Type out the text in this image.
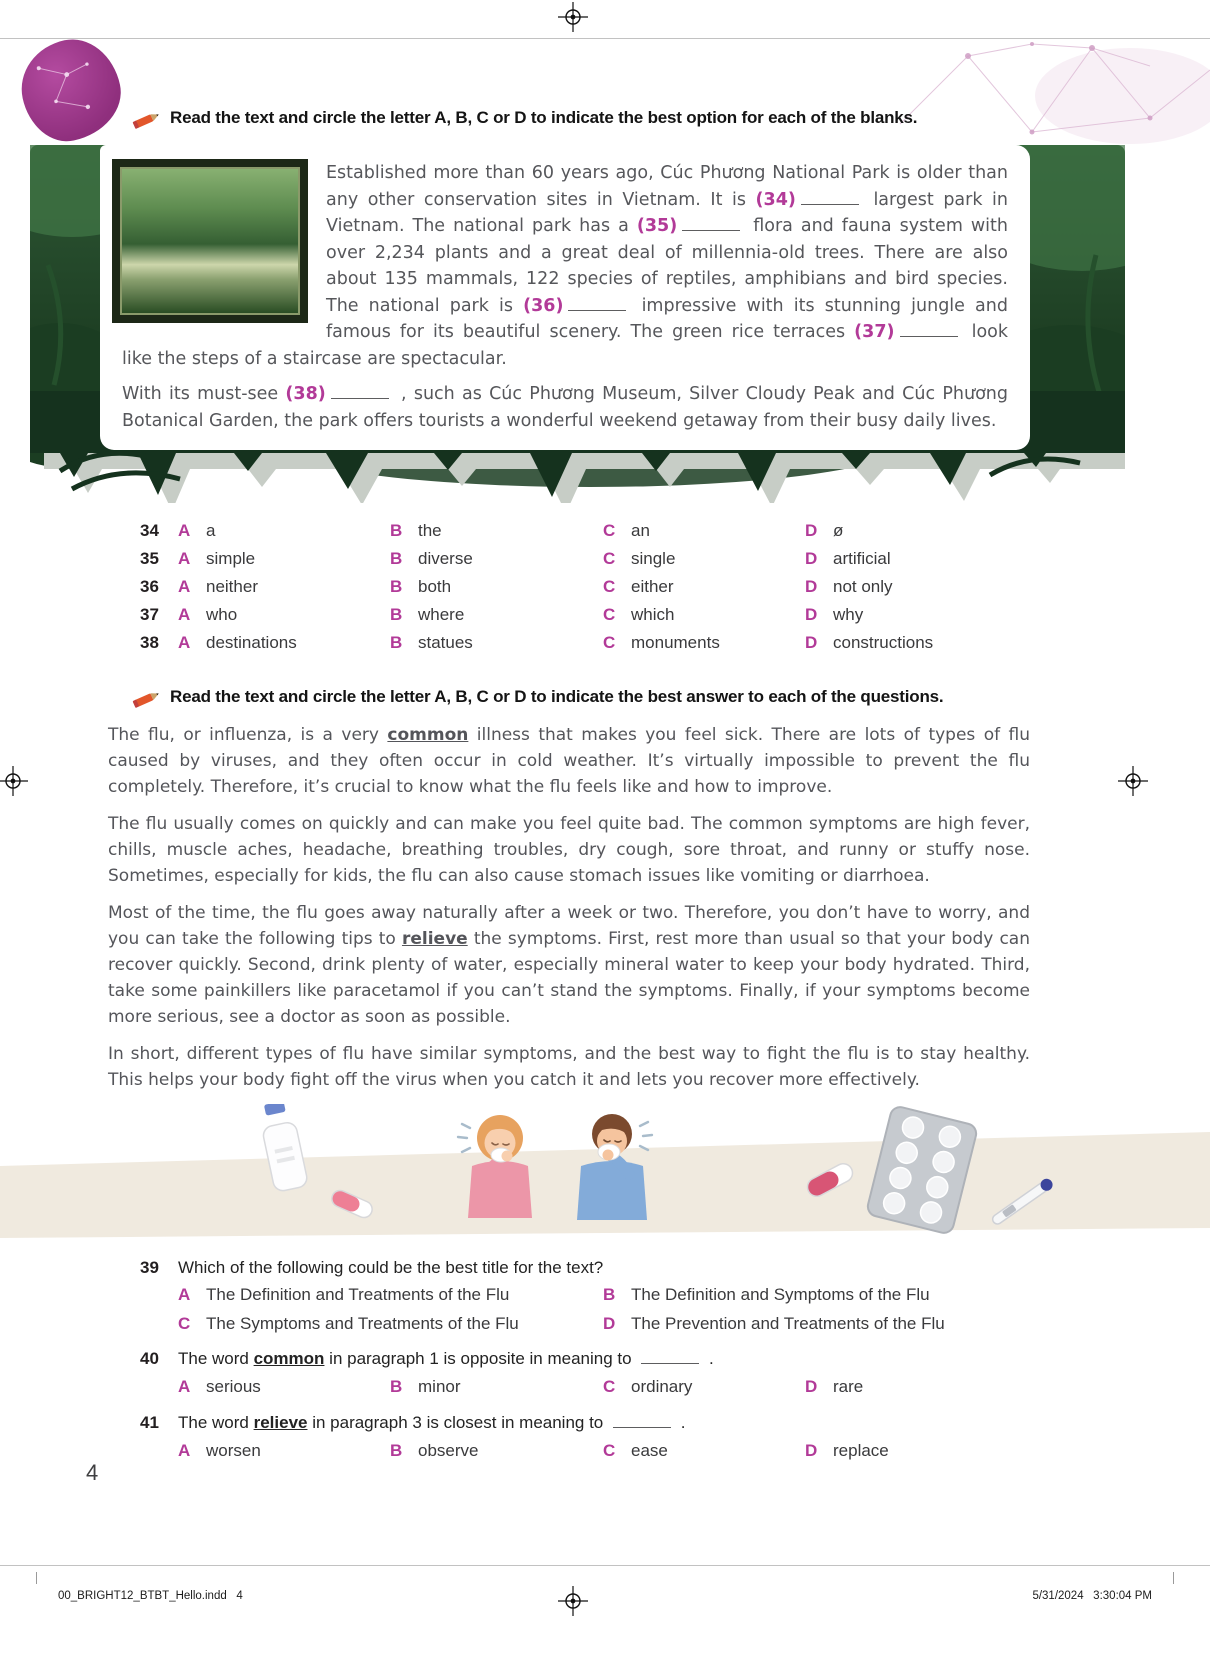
Read the text and circle the letter A, B, C or D to indicate the best option for each of the blanks.

Established more than 60 years ago, Cúc Phương National Park is older than any other conservation sites in Vietnam. It is (34)	largest park in Vietnam. The national park has a (35)	flora and fauna system with over 2,234 plants and a great deal of millennia-old trees. There are also about 135 mammals, 122 species of reptiles, amphibians and bird species. The national park is (36)	impressive with its stunning jungle and famous for its beautiful scenery. The green rice terraces (37)	look like the steps of a staircase are spectacular.

With its must-see (38)	, such as Cúc Phương Museum, Silver Cloudy Peak and Cúc Phương Botanical Garden, the park offers tourists a wonderful weekend getaway from their busy daily lives.

34	A a	B the	C an	D ø
35	A simple	B diverse	C single	D artificial
36	A neither	B both	C either	D not only
37	A who	B where	C which	D why
38	A destinations	B statues	C monuments	D constructions
Read the text and circle the letter A, B, C or D to indicate the best answer to each of the questions.

The flu, or influenza, is a very common illness that makes you feel sick. There are lots of types of flu caused by viruses, and they often occur in cold weather. It’s virtually impossible to prevent the flu completely. Therefore, it’s crucial to know what the flu feels like and how to improve.

The flu usually comes on quickly and can make you feel quite bad. The common symptoms are high fever, chills, muscle aches, headache, breathing troubles, dry cough, sore throat, and runny or stuffy nose. Sometimes, especially for kids, the flu can also cause stomach issues like vomiting or diarrhoea.

Most of the time, the flu goes away naturally after a week or two. Therefore, you don’t have to worry, and you can take the following tips to relieve the symptoms. First, rest more than usual so that your body can recover quickly. Second, drink plenty of water, especially mineral water to keep your body hydrated. Third, take some painkillers like paracetamol if you can’t stand the symptoms. Finally, if your symptoms become more serious, see a doctor as soon as possible.

In short, different types of flu have similar symptoms, and the best way to fight the flu is to stay healthy. This helps your body fight off the virus when you catch it and lets you recover more effectively.

39 Which of the following could be the best title for the text?
A The Definition and Treatments of the Flu	B The Definition and Symptoms of the Flu
C The Symptoms and Treatments of the Flu	D The Prevention and Treatments of the Flu
40 The word common in paragraph 1 is opposite in meaning to	.
A serious	B minor	C ordinary	D rare
41 The word relieve in paragraph 3 is closest in meaning to	.
A worsen	B observe	C ease	D replace
4
00_BRIGHT12_BTBT_Hello.indd   4	5/31/2024   3:30:04 PM
